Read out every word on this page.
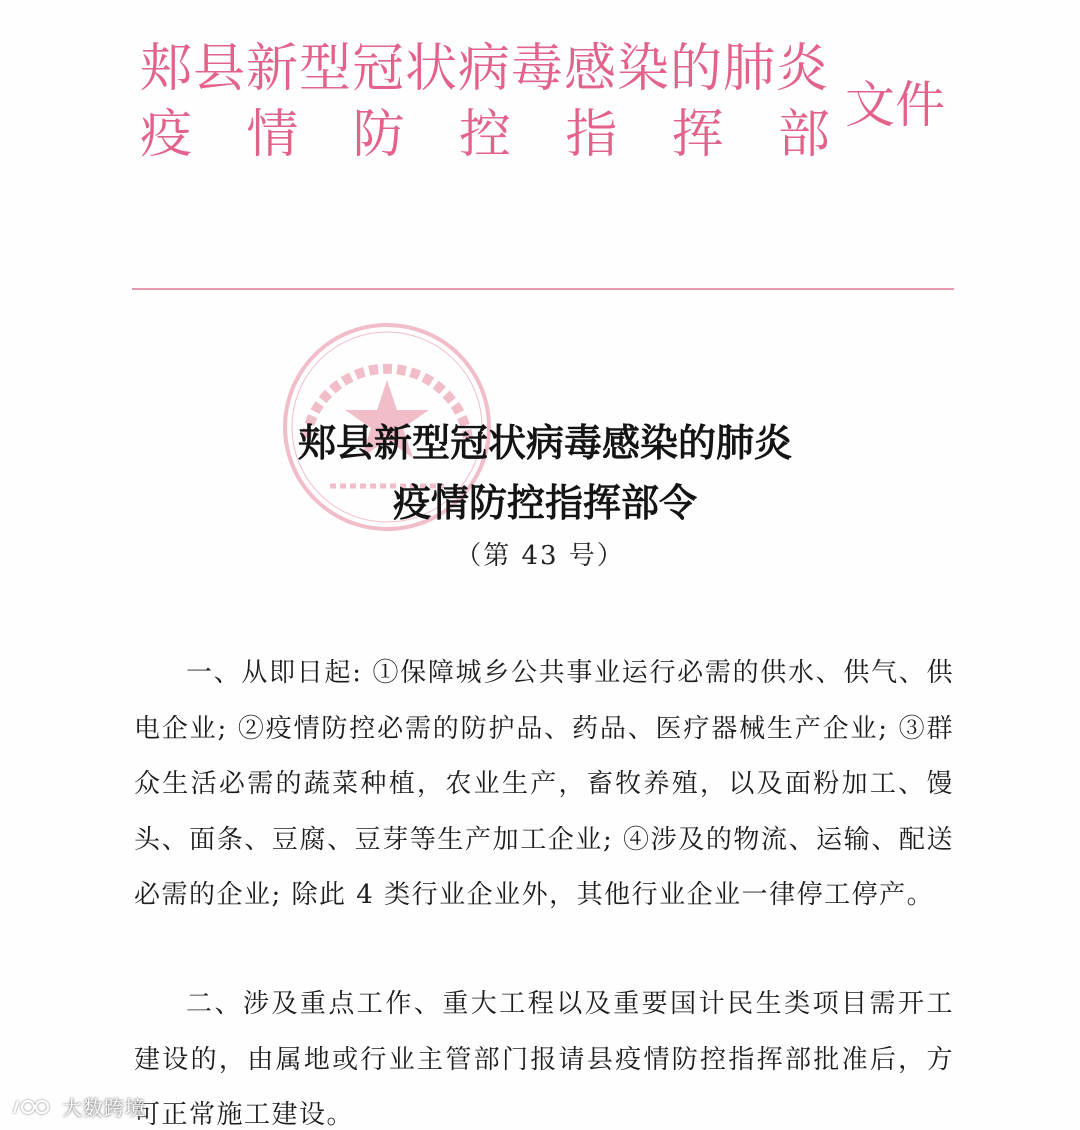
郏县新型冠状病毒感染的肺炎
疫 情 防 控 指 挥 部 文件
郏县新型冠状病毒感染的肺炎
疫情防控指挥部令
（第 43 号）

一、从即日起: ①保障城乡公共事业运行必需的供水、供气、供电企业; ②疫情防控必需的防护品、药品、医疗器械生产企业; ③群众生活必需的蔬菜种植，农业生产，畜牧养殖，以及面粉加工、馒头、面条、豆腐、豆芽等生产加工企业; ④涉及的物流、运输、配送必需的企业; 除此 4 类行业企业外，其他行业企业一律停工停产。

二、涉及重点工作、重大工程以及重要国计民生类项目需开工建设的，由属地或行业主管部门报请县疫情防控指挥部批准后，方可正常施工建设。

大数跨境
